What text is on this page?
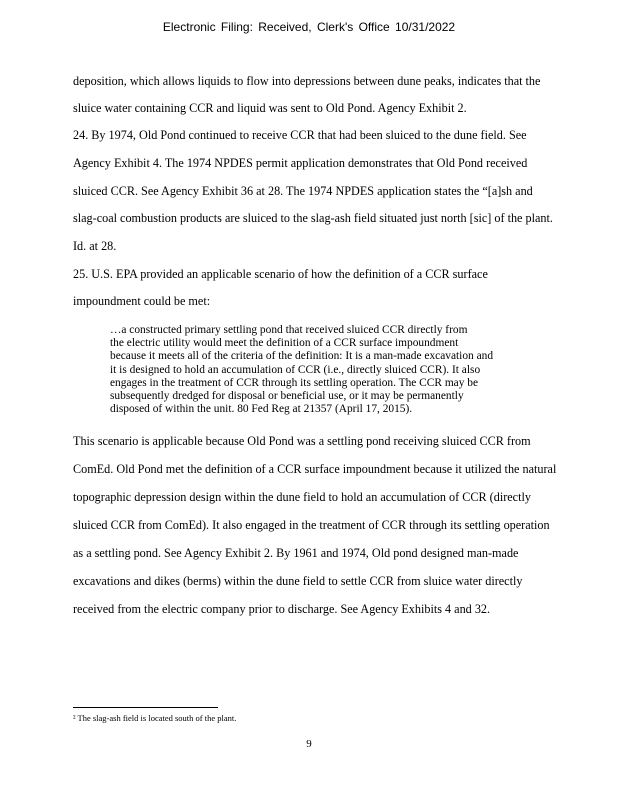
Electronic Filing: Received, Clerk's Office 10/31/2022
deposition, which allows liquids to flow into depressions between dune peaks, indicates that the
sluice water containing CCR and liquid was sent to Old Pond. Agency Exhibit 2.
24. By 1974, Old Pond continued to receive CCR that had been sluiced to the dune field. See
Agency Exhibit 4. The 1974 NPDES permit application demonstrates that Old Pond received
sluiced CCR. See Agency Exhibit 36 at 28. The 1974 NPDES application states the “[a]sh and
slag-coal combustion products are sluiced to the slag-ash field situated just north [sic] of the plant.
Id. at 28.
25. U.S. EPA provided an applicable scenario of how the definition of a CCR surface
impoundment could be met:
…a constructed primary settling pond that received sluiced CCR directly from
the electric utility would meet the definition of a CCR surface impoundment
because it meets all of the criteria of the definition: It is a man-made excavation and
it is designed to hold an accumulation of CCR (i.e., directly sluiced CCR). It also
engages in the treatment of CCR through its settling operation. The CCR may be
subsequently dredged for disposal or beneficial use, or it may be permanently
disposed of within the unit. 80 Fed Reg at 21357 (April 17, 2015).
This scenario is applicable because Old Pond was a settling pond receiving sluiced CCR from
ComEd. Old Pond met the definition of a CCR surface impoundment because it utilized the natural
topographic depression design within the dune field to hold an accumulation of CCR (directly
sluiced CCR from ComEd). It also engaged in the treatment of CCR through its settling operation
as a settling pond. See Agency Exhibit 2. By 1961 and 1974, Old pond designed man-made
excavations and dikes (berms) within the dune field to settle CCR from sluice water directly
received from the electric company prior to discharge. See Agency Exhibits 4 and 32.
² The slag-ash field is located south of the plant.
9
